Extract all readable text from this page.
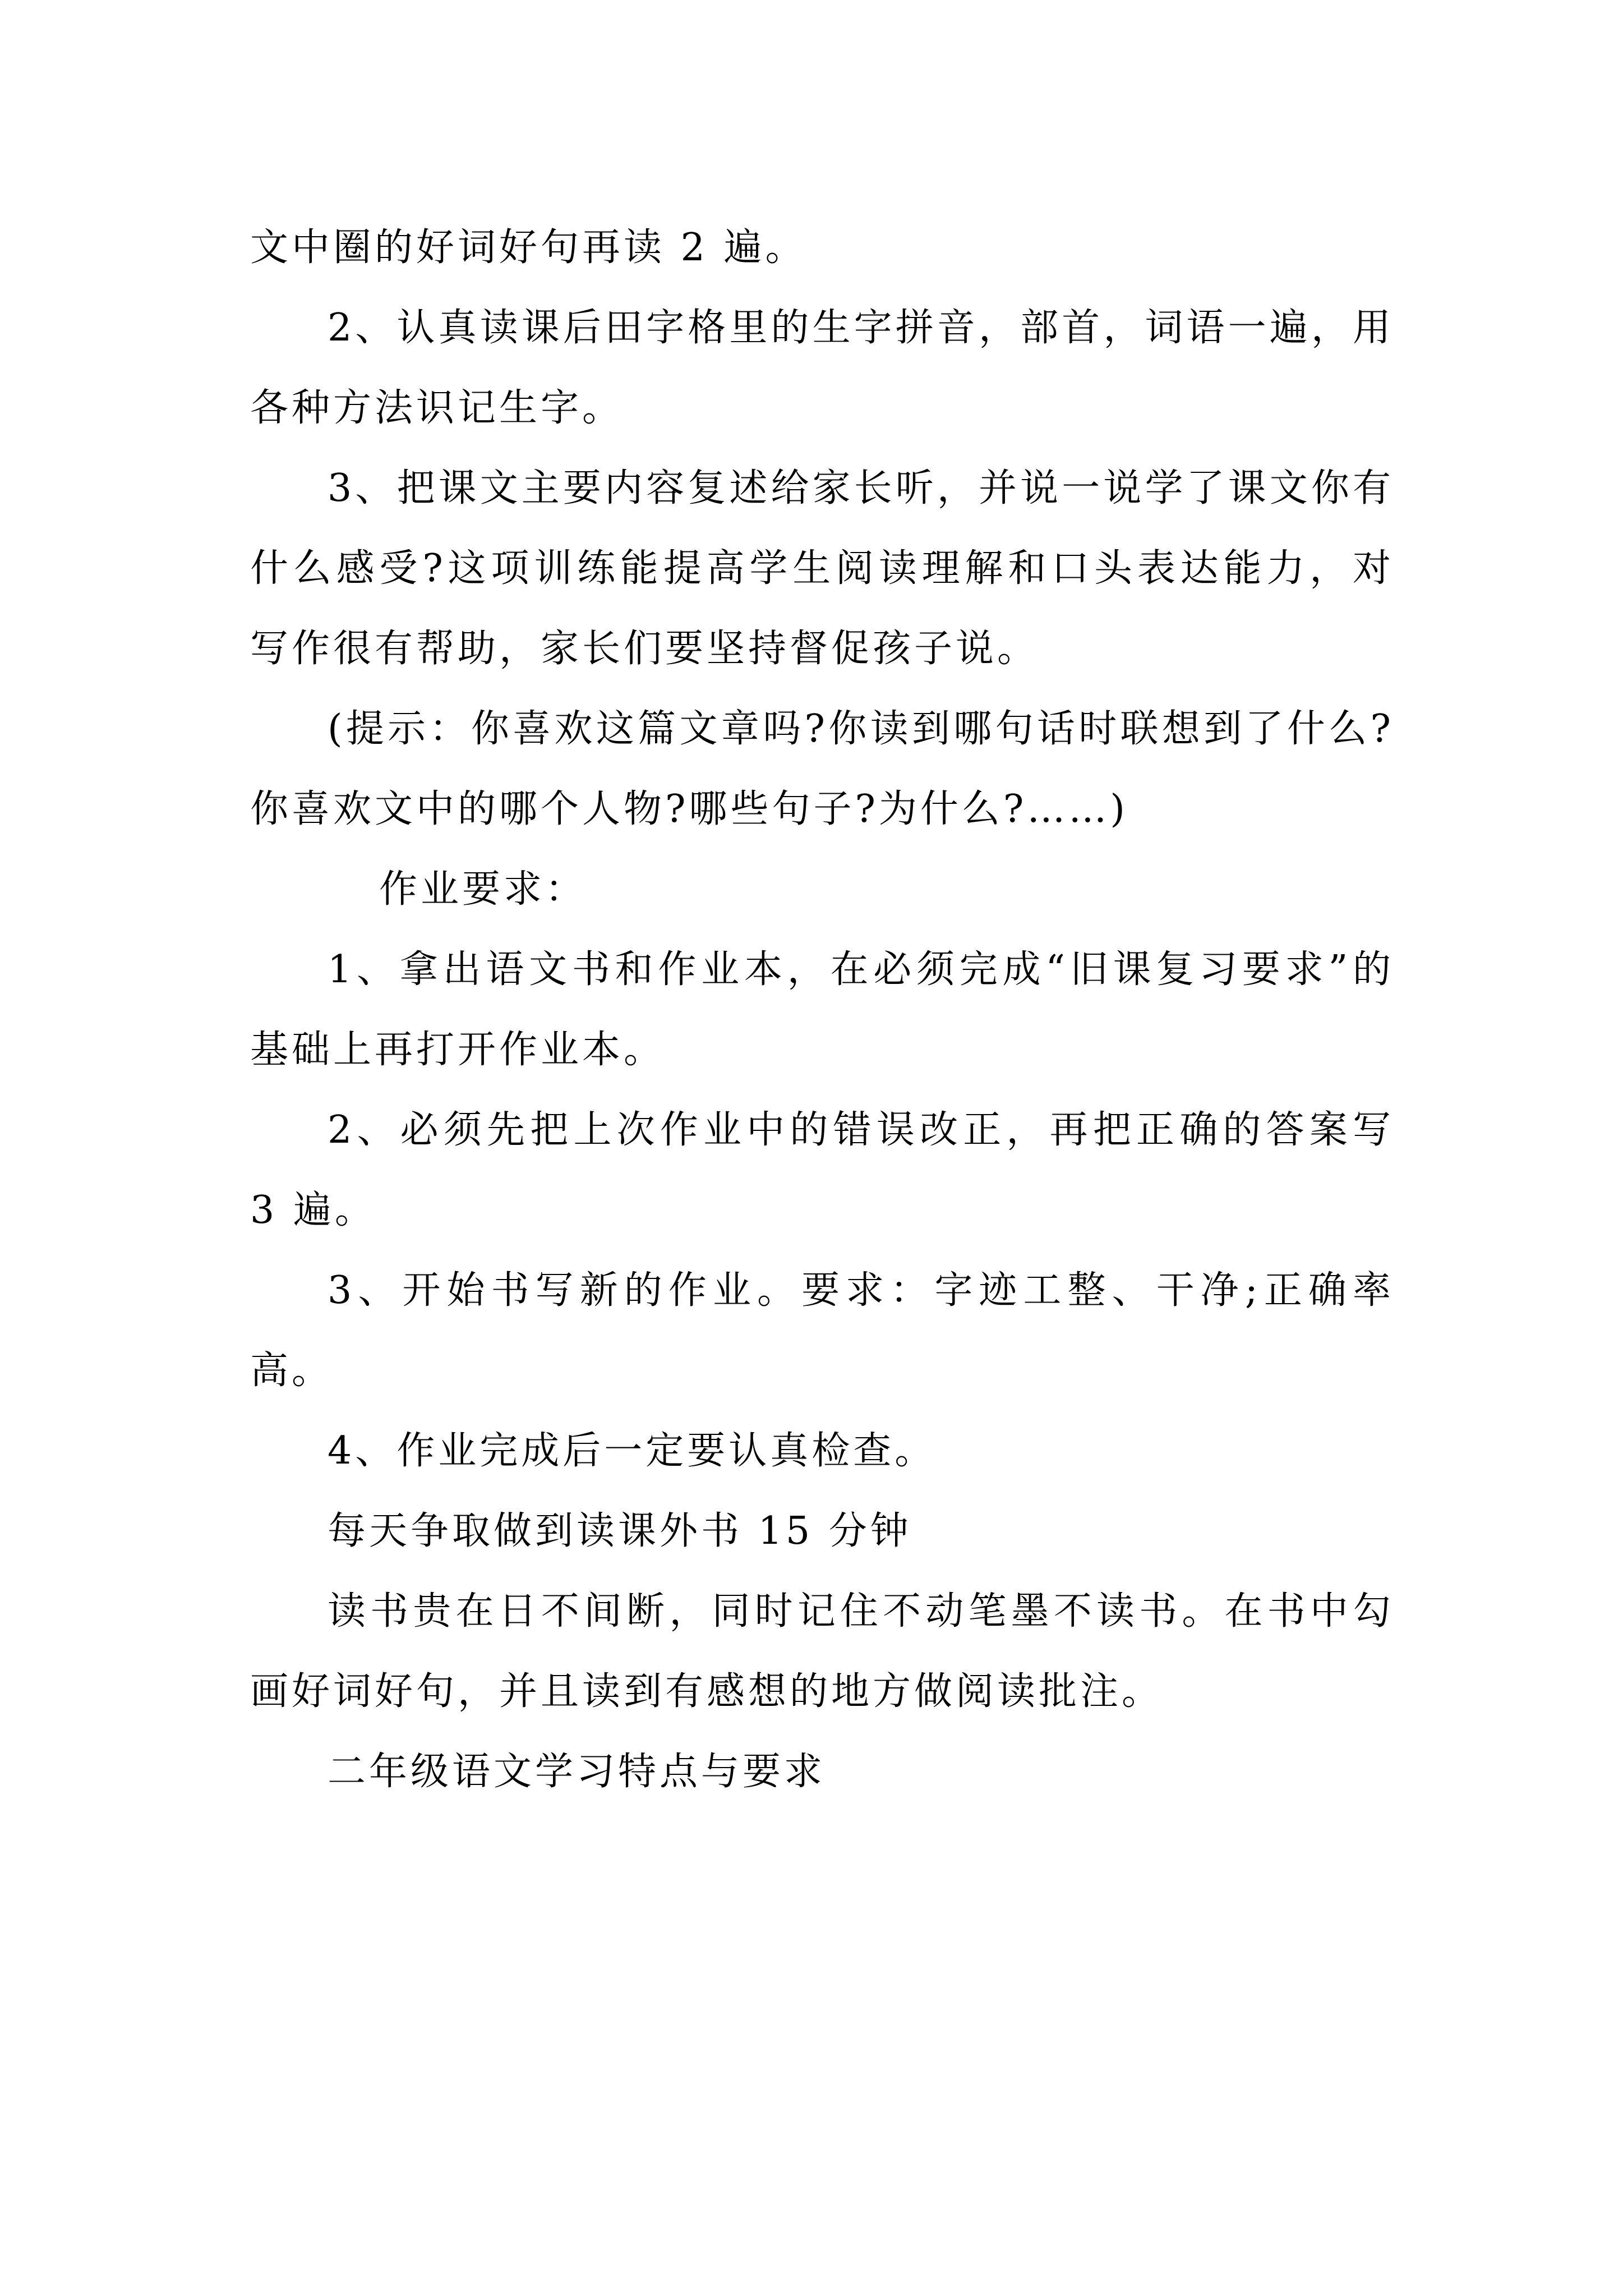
文中圈的好词好句再读 2 遍。

2、认真读课后田字格里的生字拼音，部首，词语一遍，用各种方法识记生字。

3、把课文主要内容复述给家长听，并说一说学了课文你有什么感受?这项训练能提高学生阅读理解和口头表达能力，对写作很有帮助，家长们要坚持督促孩子说。

(提示：你喜欢这篇文章吗?你读到哪句话时联想到了什么?你喜欢文中的哪个人物?哪些句子?为什么?……)

作业要求：

1、拿出语文书和作业本，在必须完成“旧课复习要求”的基础上再打开作业本。

2、必须先把上次作业中的错误改正，再把正确的答案写 3 遍。

3、开始书写新的作业。要求：字迹工整、干净;正确率高。

4、作业完成后一定要认真检查。

每天争取做到读课外书 15 分钟

读书贵在日不间断，同时记住不动笔墨不读书。在书中勾画好词好句，并且读到有感想的地方做阅读批注。

二年级语文学习特点与要求
